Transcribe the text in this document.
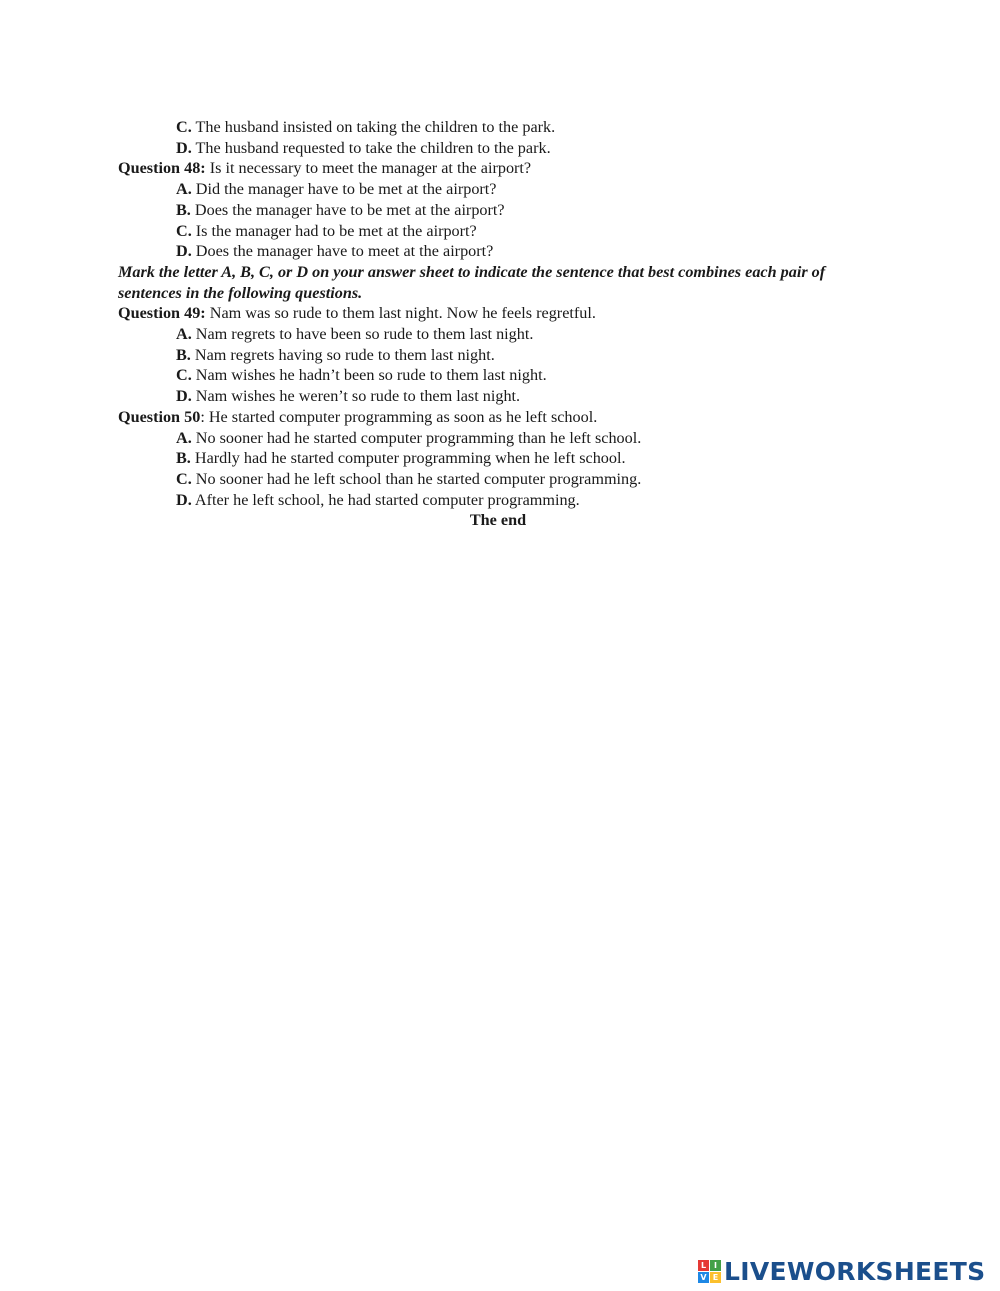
C. The husband insisted on taking the children to the park.
D. The husband requested to take the children to the park.
Question 48: Is it necessary to meet the manager at the airport?
A. Did the manager have to be met at the airport?
B. Does the manager have to be met at the airport?
C. Is the manager had to be met at the airport?
D. Does the manager have to meet at the airport?
Mark the letter A, B, C, or D on your answer sheet to indicate the sentence that best combines each pair of sentences in the following questions.
Question 49: Nam was so rude to them last night. Now he feels regretful.
A. Nam regrets to have been so rude to them last night.
B. Nam regrets having so rude to them last night.
C. Nam wishes he hadn’t been so rude to them last night.
D. Nam wishes he weren’t so rude to them last night.
Question 50: He started computer programming as soon as he left school.
A. No sooner had he started computer programming than he left school.
B. Hardly had he started computer programming when he left school.
C. No sooner had he left school than he started computer programming.
D. After he left school, he had started computer programming.
The end
L I
V E LIVEWORKSHEETS
